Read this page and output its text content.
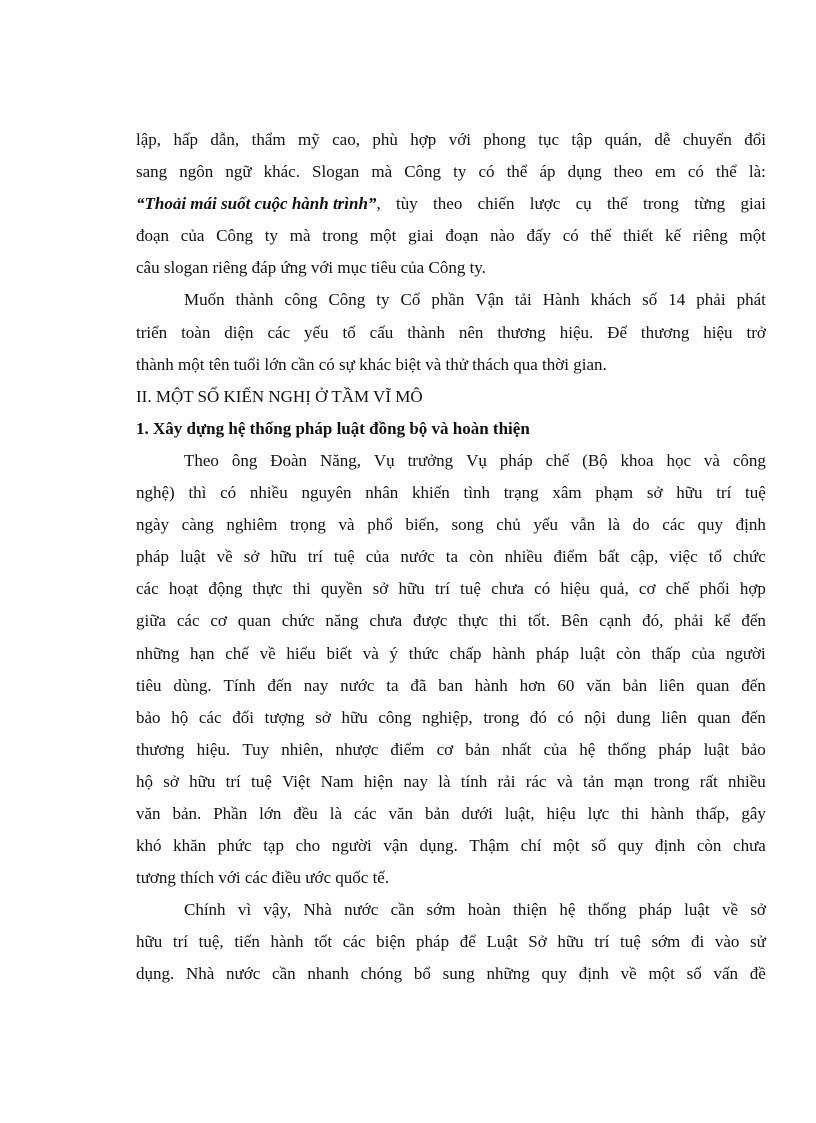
lập, hấp dẫn, thẩm mỹ cao, phù hợp với phong tục tập quán, dễ chuyển đổi
sang ngôn ngữ khác. Slogan mà Công ty có thể áp dụng theo em có thể là:
“Thoải mái suốt cuộc hành trình” , tùy theo chiến lược cụ thể trong từng giai
đoạn của Công ty mà trong một giai đoạn nào đấy có thể thiết kế riêng một
câu slogan riêng đáp ứng với mục tiêu của Công ty.
Muốn thành công Công ty Cổ phần Vận tải Hành khách số 14 phải phát
triển toàn diện các yếu tố cấu thành nên thương hiệu. Để thương hiệu trở
thành một tên tuổi lớn cần có sự khác biệt và thử thách qua thời gian.
II. MỘT SỐ KIẾN NGHỊ Ở TẦM VĨ MÔ
1. Xây dựng hệ thống pháp luật đồng bộ và hoàn thiện
Theo ông Đoàn Năng, Vụ trưởng Vụ pháp chế (Bộ khoa học và công
nghệ) thì có nhiều nguyên nhân khiến tình trạng xâm phạm sở hữu trí tuệ
ngày càng nghiêm trọng và phổ biến, song chủ yếu vẫn là do các quy định
pháp luật về sở hữu trí tuệ của nước ta còn nhiều điểm bất cập, việc tổ chức
các hoạt động thực thi quyền sở hữu trí tuệ chưa có hiệu quả, cơ chế phối hợp
giữa các cơ quan chức năng chưa được thực thi tốt. Bên cạnh đó, phải kể đến
những hạn chế về hiểu biết và ý thức chấp hành pháp luật còn thấp của người
tiêu dùng. Tính đến nay nước ta đã ban hành hơn 60 văn bản liên quan đến
bảo hộ các đối tượng sở hữu công nghiệp, trong đó có nội dung liên quan đến
thương hiệu. Tuy nhiên, nhược điểm cơ bản nhất của hệ thống pháp luật bảo
hộ sở hữu trí tuệ Việt Nam hiện nay là tính rải rác và tản mạn trong rất nhiều
văn bản. Phần lớn đều là các văn bản dưới luật, hiệu lực thi hành thấp, gây
khó khăn phức tạp cho người vận dụng. Thậm chí một số quy định còn chưa
tương thích với các điều ước quốc tế.
Chính vì vậy, Nhà nước cần sớm hoàn thiện hệ thống pháp luật về sở
hữu trí tuệ, tiến hành tốt các biện pháp để Luật Sở hữu trí tuệ sớm đi vào sử
dụng. Nhà nước cần nhanh chóng bổ sung những quy định về một số vấn đề
